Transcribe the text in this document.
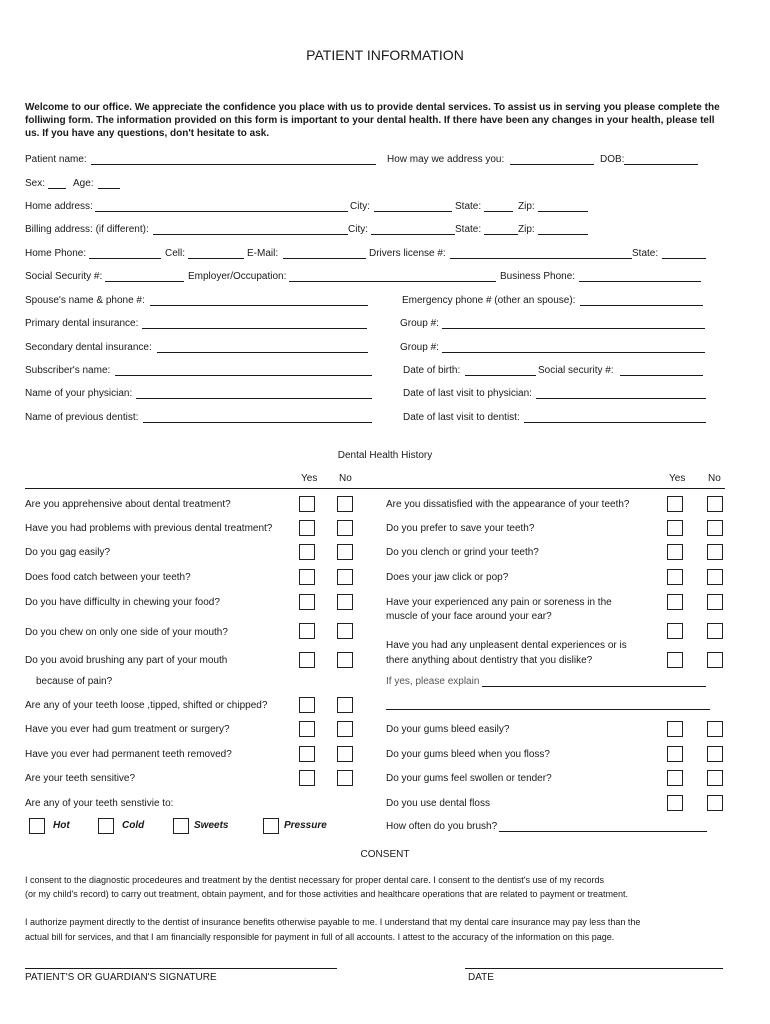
PATIENT INFORMATION
Welcome to our office. We appreciate the confidence you place with us to provide dental services. To assist us in serving you please complete the folliwing form. The information provided on this form is important to your dental health. If there have been any changes in your health, please tell us. If you have any questions, don't hesitate to ask.
Patient name:	How may we address you:	DOB:
Sex:	Age:
Home address:	City:	State:	Zip:
Billing address: (if different):	City:	State:	Zip:
Home Phone:	Cell:	E-Mail:	Drivers license #:	State:
Social Security #:	Employer/Occupation:	Business Phone:
Spouse's name & phone #:	Emergency phone # (other an spouse):
Primary dental insurance:	Group #:
Secondary dental insurance:	Group #:
Subscriber's name:	Date of birth:	Social security #:
Name of your physician:	Date of last visit to physician:
Name of previous dentist:	Date of last visit to dentist:
Dental Health History
Yes No	Yes No
Are you apprehensive about dental treatment?
Have you had problems with previous dental treatment?
Do you gag easily?
Does food catch between your teeth?
Do you have difficulty in chewing your food?
Do you chew on only one side of your mouth?
Do you avoid brushing any part of your mouth
because of pain?
Are any of your teeth loose ,tipped, shifted or chipped?
Have you ever had gum treatment or surgery?
Have you ever had permanent teeth removed?
Are your teeth sensitive?
Are any of your teeth senstivie to:
Hot	Cold	Sweets	Pressure
Are you dissatisfied with the appearance of your teeth?
Do you prefer to save your teeth?
Do you clench or grind your teeth?
Does your jaw click or pop?
Have your experienced any pain or soreness in the
muscle of your face around your ear?
Have you had any unpleasent dental experiences or is
there anything about dentistry that you dislike?
If yes, please explain
Do your gums bleed easily?
Do your gums bleed when you floss?
Do your gums feel swollen or tender?
Do you use dental floss
How often do you brush?
CONSENT
I consent to the diagnostic procedeures and treatment by the dentist necessary for proper dental care. I consent to the dentist's use of my records
(or my child's record) to carry out treatment, obtain payment, and for those activities and healthcare operations that are related to payment or treatment.
I authorize payment directly to the dentist of insurance benefits otherwise payable to me. I understand that my dental care insurance may pay less than the
actual bill for services, and that I am financially responsible for payment in full of all accounts. I attest to the accuracy of the information on this page.
PATIENT'S OR GUARDIAN'S SIGNATURE	DATE
